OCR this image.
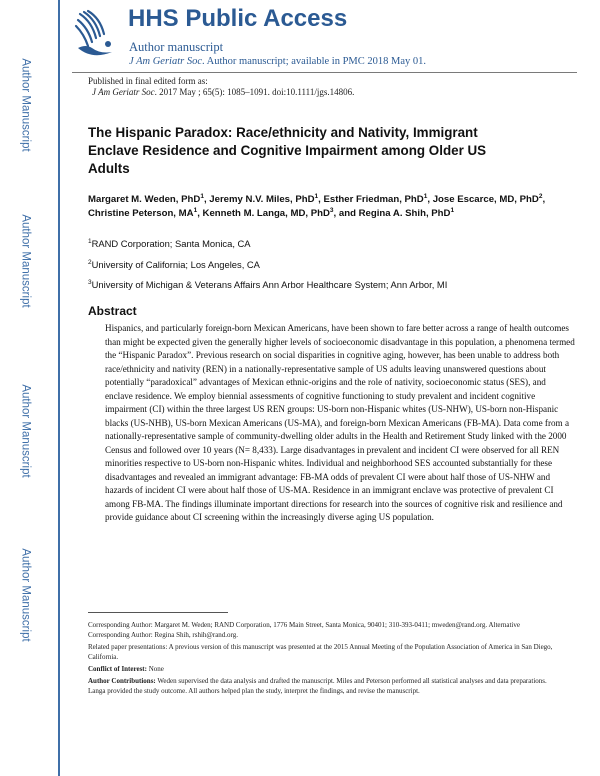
Author Manuscript
Author Manuscript
Author Manuscript
Author Manuscript
HHS Public Access
Author manuscript
J Am Geriatr Soc. Author manuscript; available in PMC 2018 May 01.
Published in final edited form as:
J Am Geriatr Soc. 2017 May ; 65(5): 1085–1091. doi:10.1111/jgs.14806.
The Hispanic Paradox: Race/ethnicity and Nativity, Immigrant Enclave Residence and Cognitive Impairment among Older US Adults
Margaret M. Weden, PhD$^1$, Jeremy N.V. Miles, PhD$^1$, Esther Friedman, PhD$^1$, Jose Escarce, MD, PhD$^2$, Christine Peterson, $MA^1$, Kenneth M. Langa, MD, PhD$^3$, and Regina A. Shih, PhD$^1$
$^1$RAND Corporation; Santa Monica, CA
$^2$University of California; Los Angeles, CA
$^3$University of Michigan & Veterans Affairs Ann Arbor Healthcare System; Ann Arbor, MI
Abstract
Hispanics, and particularly foreign-born Mexican Americans, have been shown to fare better across a range of health outcomes than might be expected given the generally higher levels of socioeconomic disadvantage in this population, a phenomena termed the “Hispanic Paradox”. Previous research on social disparities in cognitive aging, however, has been unable to address both race/ethnicity and nativity (REN) in a nationally-representative sample of US adults leaving unanswered questions about potentially “paradoxical” advantages of Mexican ethnic-origins and the role of nativity, socioeconomic status (SES), and enclave residence. We employ biennial assessments of cognitive functioning to study prevalent and incident cognitive impairment (CI) within the three largest US REN groups: US-born non-Hispanic whites (US-NHW), US-born non-Hispanic blacks (US-NHB), US-born Mexican Americans (US-MA), and foreign-born Mexican Americans (FB-MA). Data come from a nationally-representative sample of community-dwelling older adults in the Health and Retirement Study linked with the 2000 Census and followed over 10 years (N= 8,433). Large disadvantages in prevalent and incident CI were observed for all REN minorities respective to US-born non-Hispanic whites. Individual and neighborhood SES accounted substantially for these disadvantages and revealed an immigrant advantage: FB-MA odds of prevalent CI were about half those of US-NHW and hazards of incident CI were about half those of US-MA. Residence in an immigrant enclave was protective of prevalent CI among FB-MA. The findings illuminate important directions for research into the sources of cognitive risk and resilience and provide guidance about CI screening within the increasingly diverse aging US population.
Corresponding Author: Margaret M. Weden; RAND Corporation, 1776 Main Street, Santa Monica, 90401; 310-393-0411; mweden@rand.org. Alternative Corresponding Author: Regina Shih, rshih@rand.org.
Related paper presentations: A previous version of this manuscript was presented at the 2015 Annual Meeting of the Population Association of America in San Diego, California.
Conflict of Interest: None
Author Contributions: Weden supervised the data analysis and drafted the manuscript. Miles and Peterson performed all statistical analyses and data preparations. Langa provided the study outcome. All authors helped plan the study, interpret the findings, and revise the manuscript.
